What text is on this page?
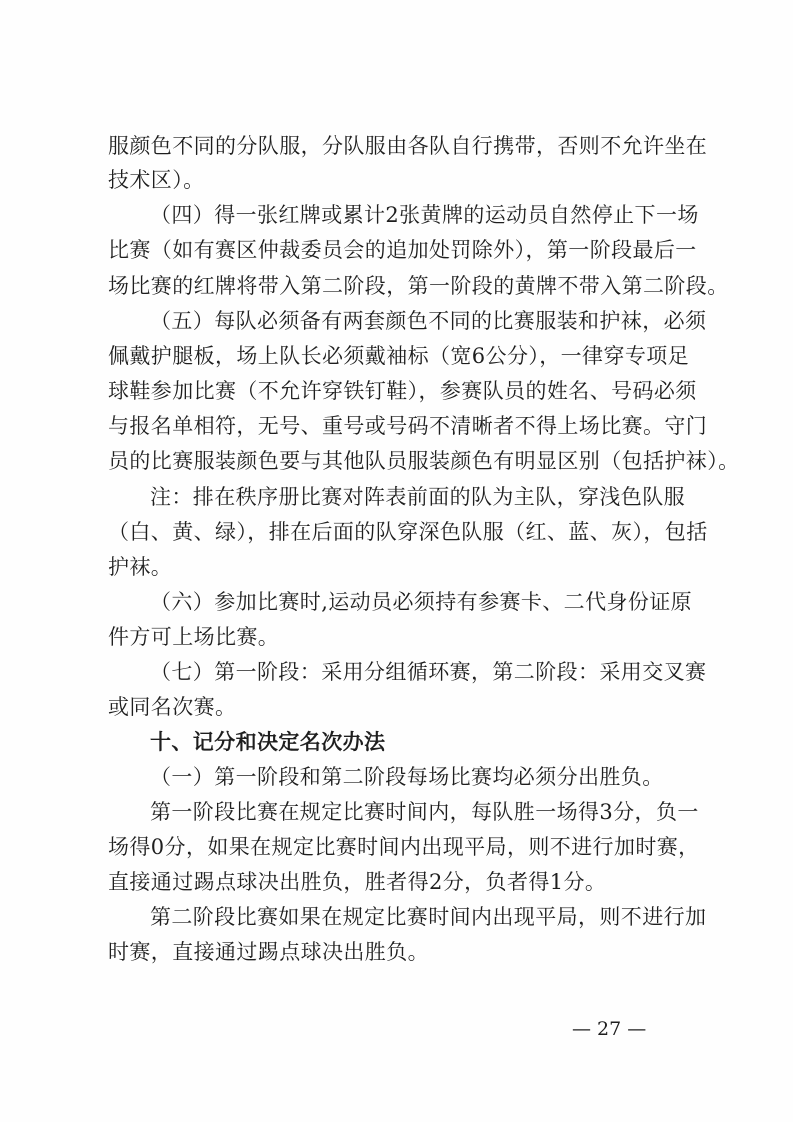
服颜色不同的分队服，分队服由各队自行携带，否则不允许坐在
技术区）。
（四）得一张红牌或累计2张黄牌的运动员自然停止下一场
比赛（如有赛区仲裁委员会的追加处罚除外），第一阶段最后一
场比赛的红牌将带入第二阶段，第一阶段的黄牌不带入第二阶段。
（五）每队必须备有两套颜色不同的比赛服装和护袜，必须
佩戴护腿板，场上队长必须戴袖标（宽6公分），一律穿专项足
球鞋参加比赛（不允许穿铁钉鞋），参赛队员的姓名、号码必须
与报名单相符，无号、重号或号码不清晰者不得上场比赛。守门
员的比赛服装颜色要与其他队员服装颜色有明显区别（包括护袜）。
注：排在秩序册比赛对阵表前面的队为主队，穿浅色队服
（白、黄、绿），排在后面的队穿深色队服（红、蓝、灰），包括
护袜。
（六）参加比赛时,运动员必须持有参赛卡、二代身份证原
件方可上场比赛。
（七）第一阶段：采用分组循环赛，第二阶段：采用交叉赛
或同名次赛。
十、记分和决定名次办法
（一）第一阶段和第二阶段每场比赛均必须分出胜负。
第一阶段比赛在规定比赛时间内，每队胜一场得3分，负一
场得0分，如果在规定比赛时间内出现平局，则不进行加时赛，
直接通过踢点球决出胜负，胜者得2分，负者得1分。
第二阶段比赛如果在规定比赛时间内出现平局，则不进行加
时赛，直接通过踢点球决出胜负。
— 27 —
